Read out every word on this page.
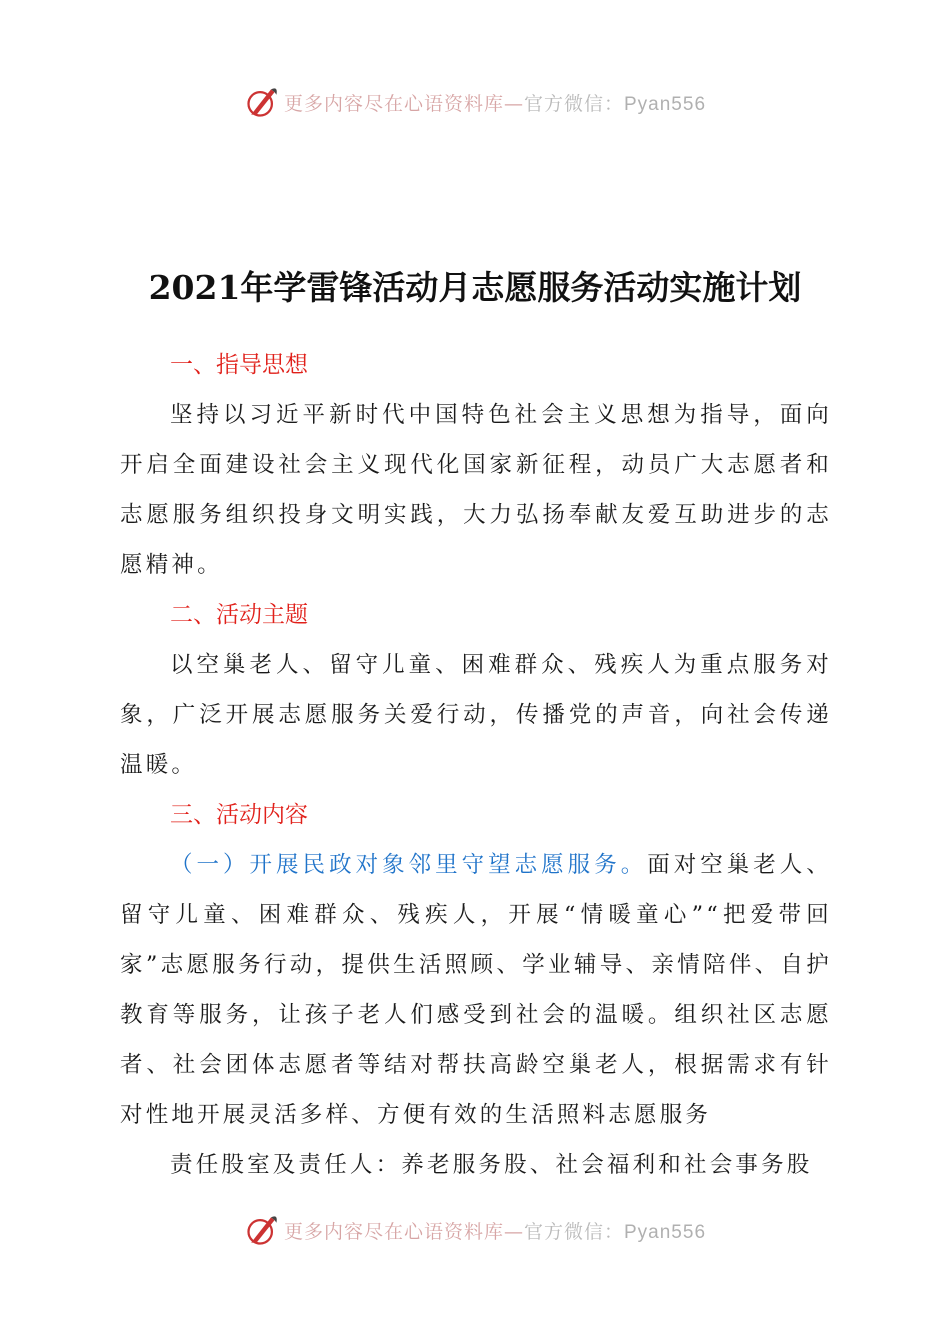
更多内容尽在心语资料库—官方微信：Pyan556
2021年学雷锋活动月志愿服务活动实施计划
一、指导思想

坚持以习近平新时代中国特色社会主义思想为指导，面向开启全面建设社会主义现代化国家新征程，动员广大志愿者和志愿服务组织投身文明实践，大力弘扬奉献友爱互助进步的志愿精神。

二、活动主题

以空巢老人、留守儿童、困难群众、残疾人为重点服务对象，广泛开展志愿服务关爱行动，传播党的声音，向社会传递温暖。

三、活动内容

（一）开展民政对象邻里守望志愿服务。面对空巢老人、留守儿童、困难群众、残疾人，开展“情暖童心”“把爱带回家”志愿服务行动，提供生活照顾、学业辅导、亲情陪伴、自护教育等服务，让孩子老人们感受到社会的温暖。组织社区志愿者、社会团体志愿者等结对帮扶高龄空巢老人，根据需求有针对性地开展灵活多样、方便有效的生活照料志愿服务

责任股室及责任人：养老服务股、社会福利和社会事务股

更多内容尽在心语资料库—官方微信：Pyan556
